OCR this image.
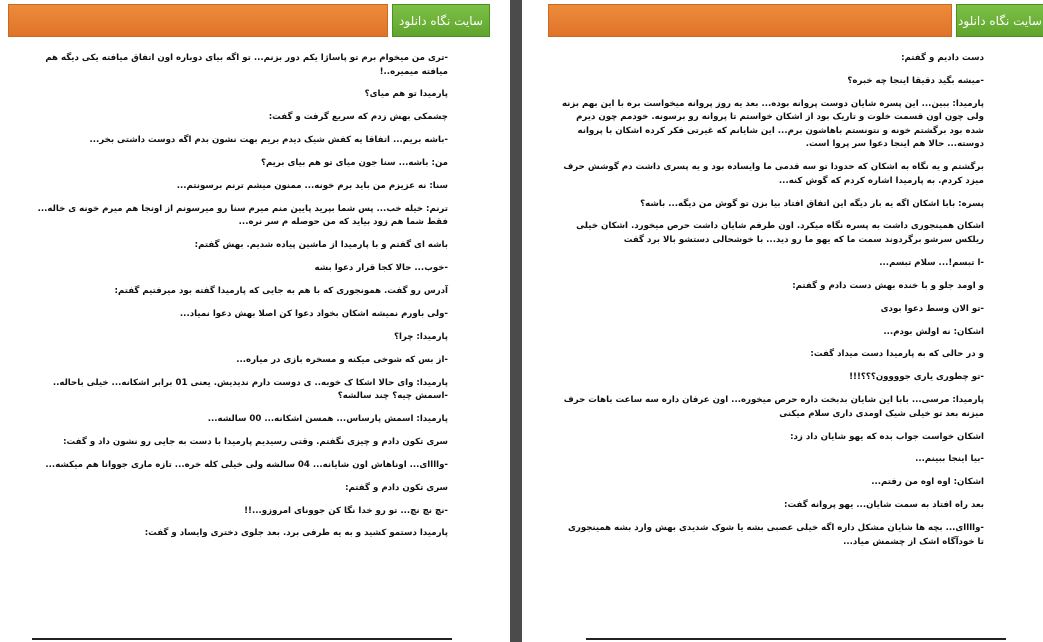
سایت نگاه دانلود

-تری من میخوام برم تو پاساژا یکم دور بزنم... تو اگه بیای دوباره اون اتفاق میافته یکی دیگه هم میافته میمیره..!

پارمیدا تو هم میای؟

چشمکی بهش زدم که سریع گرفت و گفت:

-باشه بریم... اتفاقا یه کفش شیک دیدم بریم بهت نشون بدم اگه دوست داشتی بخر...

من: باشه... سنا جون میای تو هم بیای بریم؟

سنا: نه عزیزم من باید برم خونه... ممنون میشم ترنم برسونتم...

ترنم: خیله خب... پس شما بپرید پایین منم میرم سنا رو میرسونم از اونجا هم میرم خونه ی خاله... فقط شما هم زود بیاید که من حوصله م سر نره...

باشه ای گفتم و با پارمیدا از ماشین پیاده شدیم. بهش گفتم:

-خوب... حالا کجا قرار دعوا بشه

آدرس رو گفت. همونجوری که با هم به جایی که پارمیدا گفته بود میرفتیم گفتم:

-ولی باورم نمیشه اشکان بخواد دعوا کن اصلا بهش دعوا نمیاد...

پارمیدا: چرا؟

-از بس که شوخی میکنه و مسخره بازی در میاره...

پارمیدا: وای حالا اشکا ک خوبه.. ی دوست دارم ندیدیش. یعنی 01 برابر اشکانه... خیلی باحاله.. -اسمش چیه؟ چند سالشه؟

پارمیدا: اسمش پارساس... همسن اشکانه... 00 سالشه...

سری تکون دادم و چیزی نگفتم. وقتی رسیدیم پارمیدا با دست به جایی رو نشون داد و گفت:

-واااای... اوناهاش اون شایانه... 04 سالشه ولی خیلی کله خره... تازه ماری جووانا هم میکشه...

سری تکون دادم و گفتم:

-نچ نچ نچ... تو رو خدا نگا کن جوونای امروزو...!!

پارمیدا دستمو کشید و به یه طرفی برد. بعد جلوی دختری وایساد و گفت:

سایت نگاه دانلود

دست دادیم و گفتم:

-میشه بگید دقیقا اینجا چه خبره؟

پارمیدا: ببین... این پسره شایان دوست پروانه بوده... بعد یه روز پروانه میخواست بره با این بهم بزنه ولی چون اون قسمت خلوت و تاریک بود از اشکان خواستم تا پروانه رو برسونه. خودمم چون دیرم شده بود برگشتم خونه و نتونستم باهاشون برم... این شایانم که غیرتی فکر کرده اشکان با پروانه دوسته... حالا هم اینجا دعوا سر پروا است.

برگشتم و یه نگاه به اشکان که حدودا تو سه قدمی ما وایساده بود و یه پسری داشت دم گوشش حرف میزد کردم. به پارمیدا اشاره کردم که گوش کنه...

پسره: بابا اشکان اگه یه بار دیگه این اتفاق افتاد بیا بزن تو گوش من دیگه... باشه؟

اشکان همینجوری داشت به پسره نگاه میکرد. اون طرفم شایان داشت حرص میخورد. اشکان خیلی ریلکس سرشو برگردوند سمت ما که یهو ما رو دید... با خوشحالی دستشو بالا برد گفت

-ا تبسم!... سلام تبسم...

و اومد جلو و با خنده بهش دست دادم و گفتم:

-تو الان وسط دعوا بودی

اشکان: نه اولش بودم...

و در حالی که به پارمیدا دست میداد گفت:

-تو چطوری یاری جوووون؟؟؟!!!

پارمیدا: مرسی... بابا این شایان بدبخت داره حرص میخوره... اون عرفان داره سه ساعت باهات حرف میزنه بعد تو خیلی شیک اومدی داری سلام میکنی

اشکان خواست جواب بده که یهو شایان داد زد:

-بیا اینجا ببینم...

اشکان: اوه اوه من رفتم...

بعد راه افتاد به سمت شایان... یهو پروانه گفت:

-واااای... بچه ها شایان مشکل داره اگه خیلی عصبی بشه یا شوک شدیدی بهش وارد بشه همینجوری تا خودآگاه اشک از چشمش میاد...
